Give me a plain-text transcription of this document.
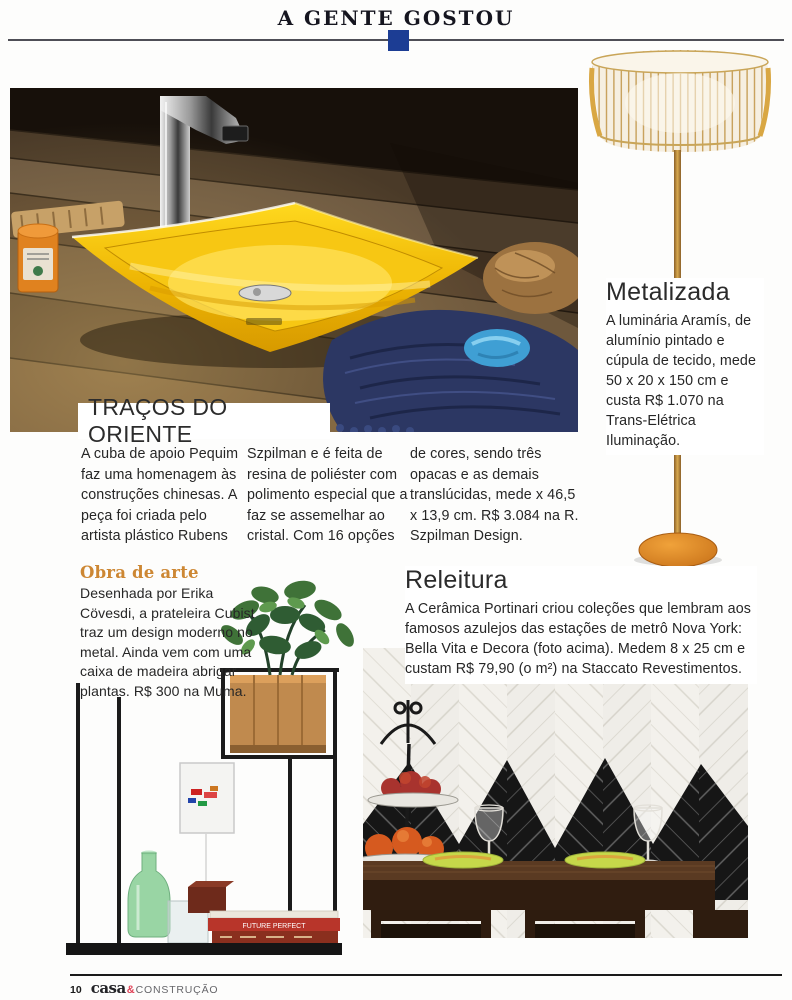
A GENTE GOSTOU
TRAÇOS DO ORIENTE
A cuba de apoio Pequim faz uma homenagem às construções chinesas. A peça foi criada pelo artista plástico Rubens
Szpilman e é feita de resina de poliéster com polimento especial que a faz se assemelhar ao cristal. Com 16 opções
de cores, sendo três opacas e as demais translúcidas, mede x 46,5 x 13,9 cm. R$ 3.084 na R. Szpilman Design.
Metalizada
A luminária Aramís, de alumínio pintado e cúpula de tecido, mede 50 x 20 x 150 cm e custa R$ 1.070 na Trans-Elétrica Iluminação.
Obra de arte
Desenhada por Erika Cövesdi, a prateleira Cubist traz um design moderno no metal. Ainda vem com uma caixa de madeira abrigar plantas. R$ 300 na Muma.
FUTURE PERFECT
Releitura
A Cerâmica Portinari criou coleções que lembram aos famosos azulejos das estações de metrô Nova York: Bella Vita e Decora (foto acima). Medem 8 x 25 cm e custam R$ 79,90 (o m²) na Staccato Revestimentos.
10 casa & CONSTRUÇÃO
